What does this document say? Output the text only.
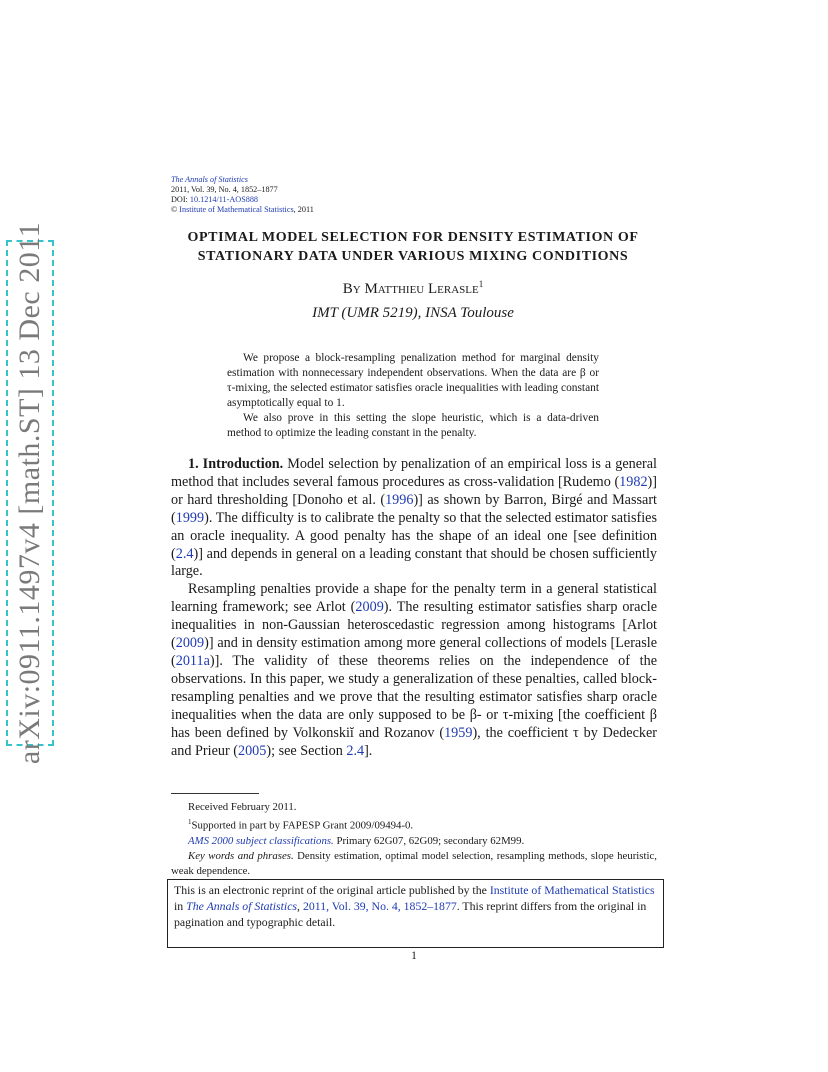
arXiv:0911.1497v4 [math.ST] 13 Dec 2011
The Annals of Statistics
2011, Vol. 39, No. 4, 1852–1877
DOI: 10.1214/11-AOS888
© Institute of Mathematical Statistics, 2011
OPTIMAL MODEL SELECTION FOR DENSITY ESTIMATION OF
STATIONARY DATA UNDER VARIOUS MIXING CONDITIONS
By Matthieu Lerasle$^1$
IMT (UMR 5219), INSA Toulouse

We propose a block-resampling penalization method for marginal density estimation with nonnecessary independent observations. When the data are β or τ-mixing, the selected estimator satisfies oracle inequalities with leading constant asymptotically equal to 1.

We also prove in this setting the slope heuristic, which is a data-driven method to optimize the leading constant in the penalty.

1. Introduction. Model selection by penalization of an empirical loss is a general method that includes several famous procedures as cross-validation [Rudemo (1982)] or hard thresholding [Donoho et al. (1996)] as shown by Barron, Birgé and Massart (1999). The difficulty is to calibrate the penalty so that the selected estimator satisfies an oracle inequality. A good penalty has the shape of an ideal one [see definition (2.4)] and depends in general on a leading constant that should be chosen sufficiently large.

Resampling penalties provide a shape for the penalty term in a general statistical learning framework; see Arlot (2009). The resulting estimator satisfies sharp oracle inequalities in non-Gaussian heteroscedastic regression among histograms [Arlot (2009)] and in density estimation among more general collections of models [Lerasle (2011a)]. The validity of these theorems relies on the independence of the observations. In this paper, we study a generalization of these penalties, called block-resampling penalties and we prove that the resulting estimator satisfies sharp oracle inequalities when the data are only supposed to be β- or τ-mixing [the coefficient β has been defined by Volkonskiĭ and Rozanov (1959), the coefficient τ by Dedecker and Prieur (2005); see Section 2.4].

Received February 2011.

$^1$Supported in part by FAPESP Grant 2009/09494-0.

AMS 2000 subject classifications. Primary 62G07, 62G09; secondary 62M99.

Key words and phrases. Density estimation, optimal model selection, resampling methods, slope heuristic, weak dependence.

This is an electronic reprint of the original article published by the Institute of Mathematical Statistics in The Annals of Statistics, 2011, Vol. 39, No. 4, 1852–1877. This reprint differs from the original in pagination and typographic detail.
1
